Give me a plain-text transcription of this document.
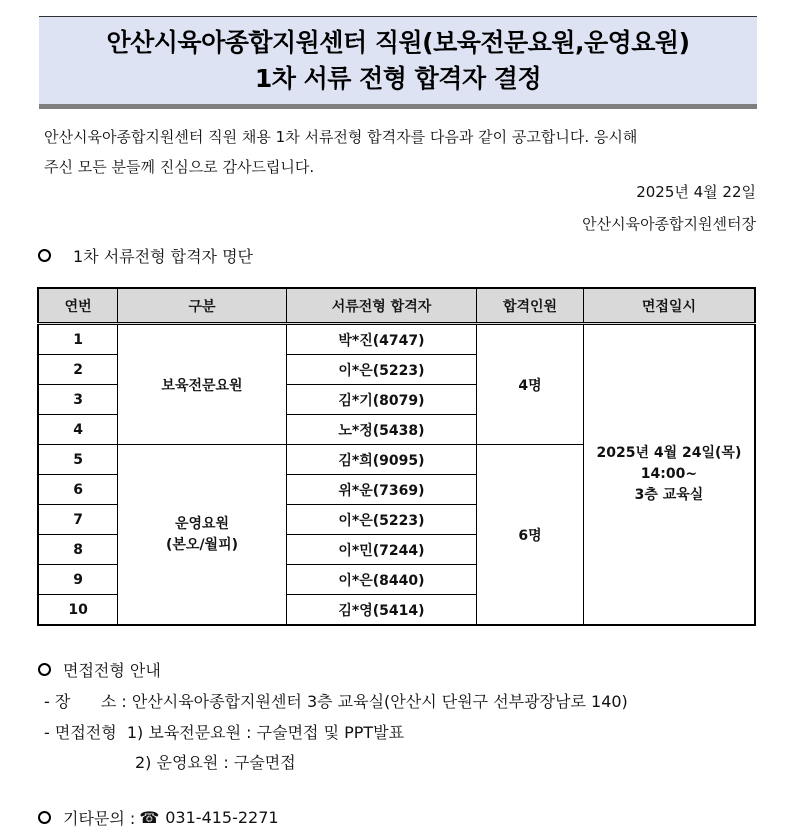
안산시육아종합지원센터 직원(보육전문요원,운영요원)
1차 서류 전형 합격자 결정

안산시육아종합지원센터 직원 채용 1차 서류전형 합격자를 다음과 같이 공고합니다. 응시해

주신 모든 분들께 진심으로 감사드립니다.

2025년 4월 22일
안산시육아종합지원센터장
1차 서류전형 합격자 명단
연번	구분	서류전형 합격자	합격인원	면접일시
1	보육전문요원	박*진(4747)	4명	2025년 4월 24일(목)
14:00~
3층 교육실

2		이*은(5223)		
3		김*기(8079)		
4		노*정(5438)		
5	운영요원
(본오/월피)	김*희(9095)	6명	
6		위*운(7369)		
7		이*은(5223)		
8		이*민(7244)		
9		이*은(8440)		
10		김*영(5414)		
면접전형 안내
- 장      소 : 안산시육아종합지원센터 3층 교육실(안산시 단원구 선부광장남로 140)
- 면접전형  1) 보육전문요원 : 구술면접 및 PPT발표
2) 운영요원 : 구술면접
기타문의 : ☎ 031-415-2271
